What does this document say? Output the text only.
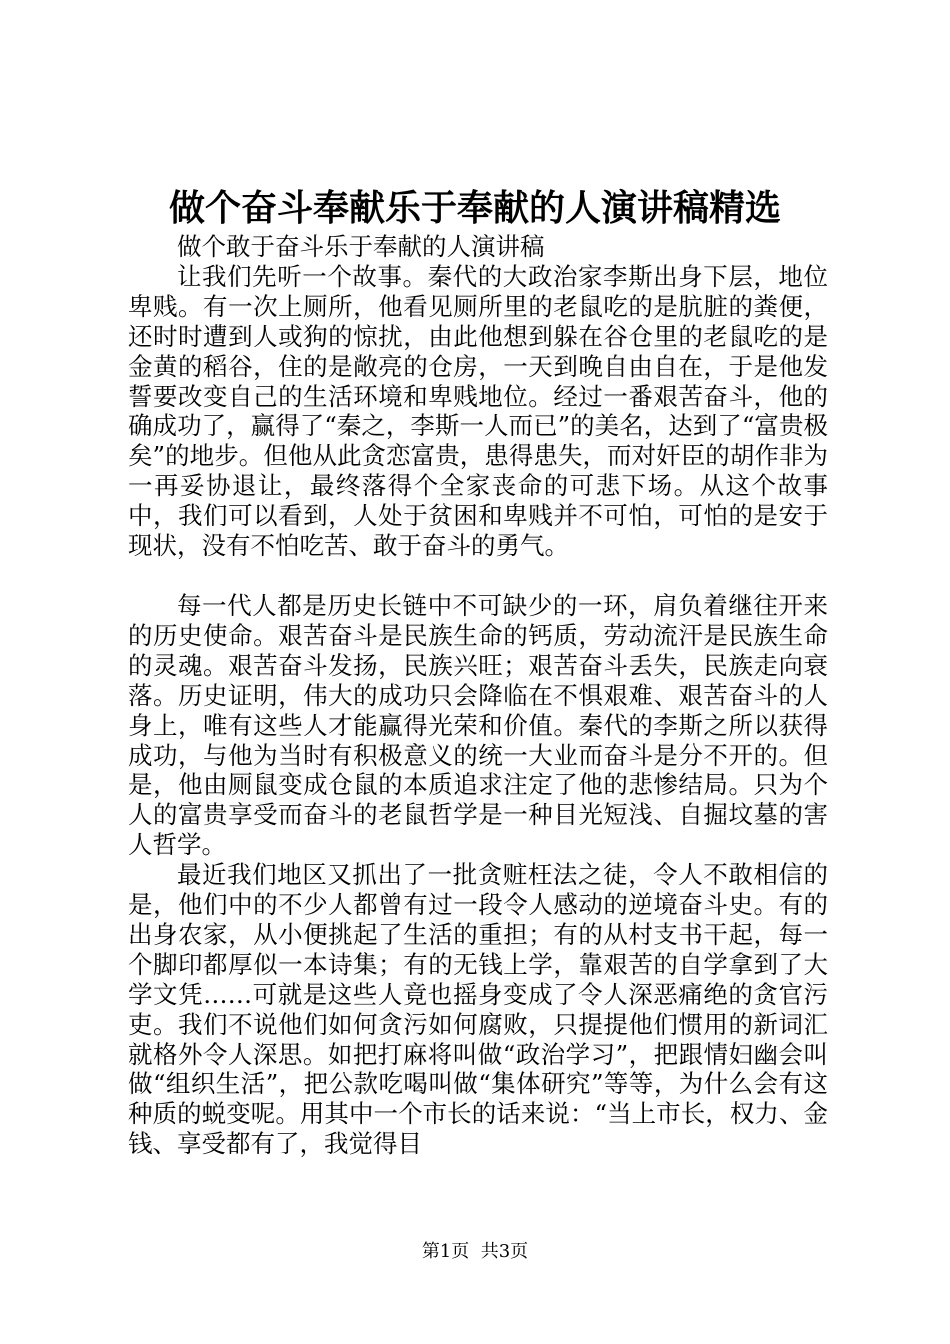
做个奋斗奉献乐于奉献的人演讲稿精选

做个敢于奋斗乐于奉献的人演讲稿

让我们先听一个故事。秦代的大政治家李斯出身下层，地位卑贱。有一次上厕所，他看见厕所里的老鼠吃的是肮脏的粪便，还时时遭到人或狗的惊扰，由此他想到躲在谷仓里的老鼠吃的是金黄的稻谷，住的是敞亮的仓房，一天到晚自由自在，于是他发誓要改变自己的生活环境和卑贱地位。经过一番艰苦奋斗，他的确成功了，赢得了“秦之，李斯一人而已”的美名，达到了“富贵极矣”的地步。但他从此贪恋富贵，患得患失，而对奸臣的胡作非为一再妥协退让，最终落得个全家丧命的可悲下场。从这个故事中，我们可以看到，人处于贫困和卑贱并不可怕，可怕的是安于现状，没有不怕吃苦、敢于奋斗的勇气。

每一代人都是历史长链中不可缺少的一环，肩负着继往开来的历史使命。艰苦奋斗是民族生命的钙质，劳动流汗是民族生命的灵魂。艰苦奋斗发扬，民族兴旺；艰苦奋斗丢失，民族走向衰落。历史证明，伟大的成功只会降临在不惧艰难、艰苦奋斗的人身上，唯有这些人才能赢得光荣和价值。秦代的李斯之所以获得成功，与他为当时有积极意义的统一大业而奋斗是分不开的。但是，他由厕鼠变成仓鼠的本质追求注定了他的悲惨结局。只为个人的富贵享受而奋斗的老鼠哲学是一种目光短浅、自掘坟墓的害人哲学。

最近我们地区又抓出了一批贪赃枉法之徒，令人不敢相信的是，他们中的不少人都曾有过一段令人感动的逆境奋斗史。有的出身农家，从小便挑起了生活的重担；有的从村支书干起，每一个脚印都厚似一本诗集；有的无钱上学，靠艰苦的自学拿到了大学文凭……可就是这些人竟也摇身变成了令人深恶痛绝的贪官污吏。我们不说他们如何贪污如何腐败，只提提他们惯用的新词汇就格外令人深思。如把打麻将叫做“政治学习”，把跟情妇幽会叫做“组织生活”，把公款吃喝叫做“集体研究”等等，为什么会有这种质的蜕变呢。用其中一个市长的话来说：“当上市长，权力、金钱、享受都有了，我觉得目

第1页  共3页
